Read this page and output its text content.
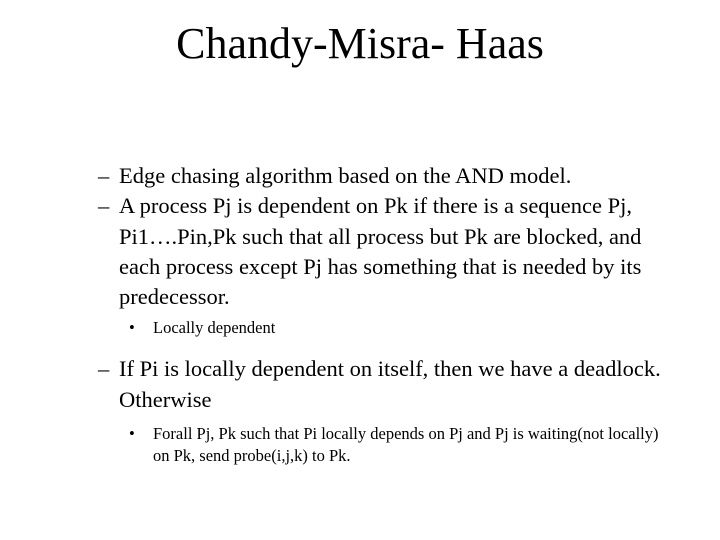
Chandy-Misra- Haas
– Edge chasing algorithm based on the AND model.
– A process Pj is dependent on Pk if there is a sequence Pj, Pi1….Pin,Pk such that all process but Pk are blocked, and each process except Pj has something that is needed by its predecessor.
• Locally dependent
– If Pi is locally dependent on itself, then we have a deadlock. Otherwise
• Forall Pj, Pk such that Pi locally depends on Pj and Pj is waiting(not locally) on Pk, send probe(i,j,k) to Pk.
